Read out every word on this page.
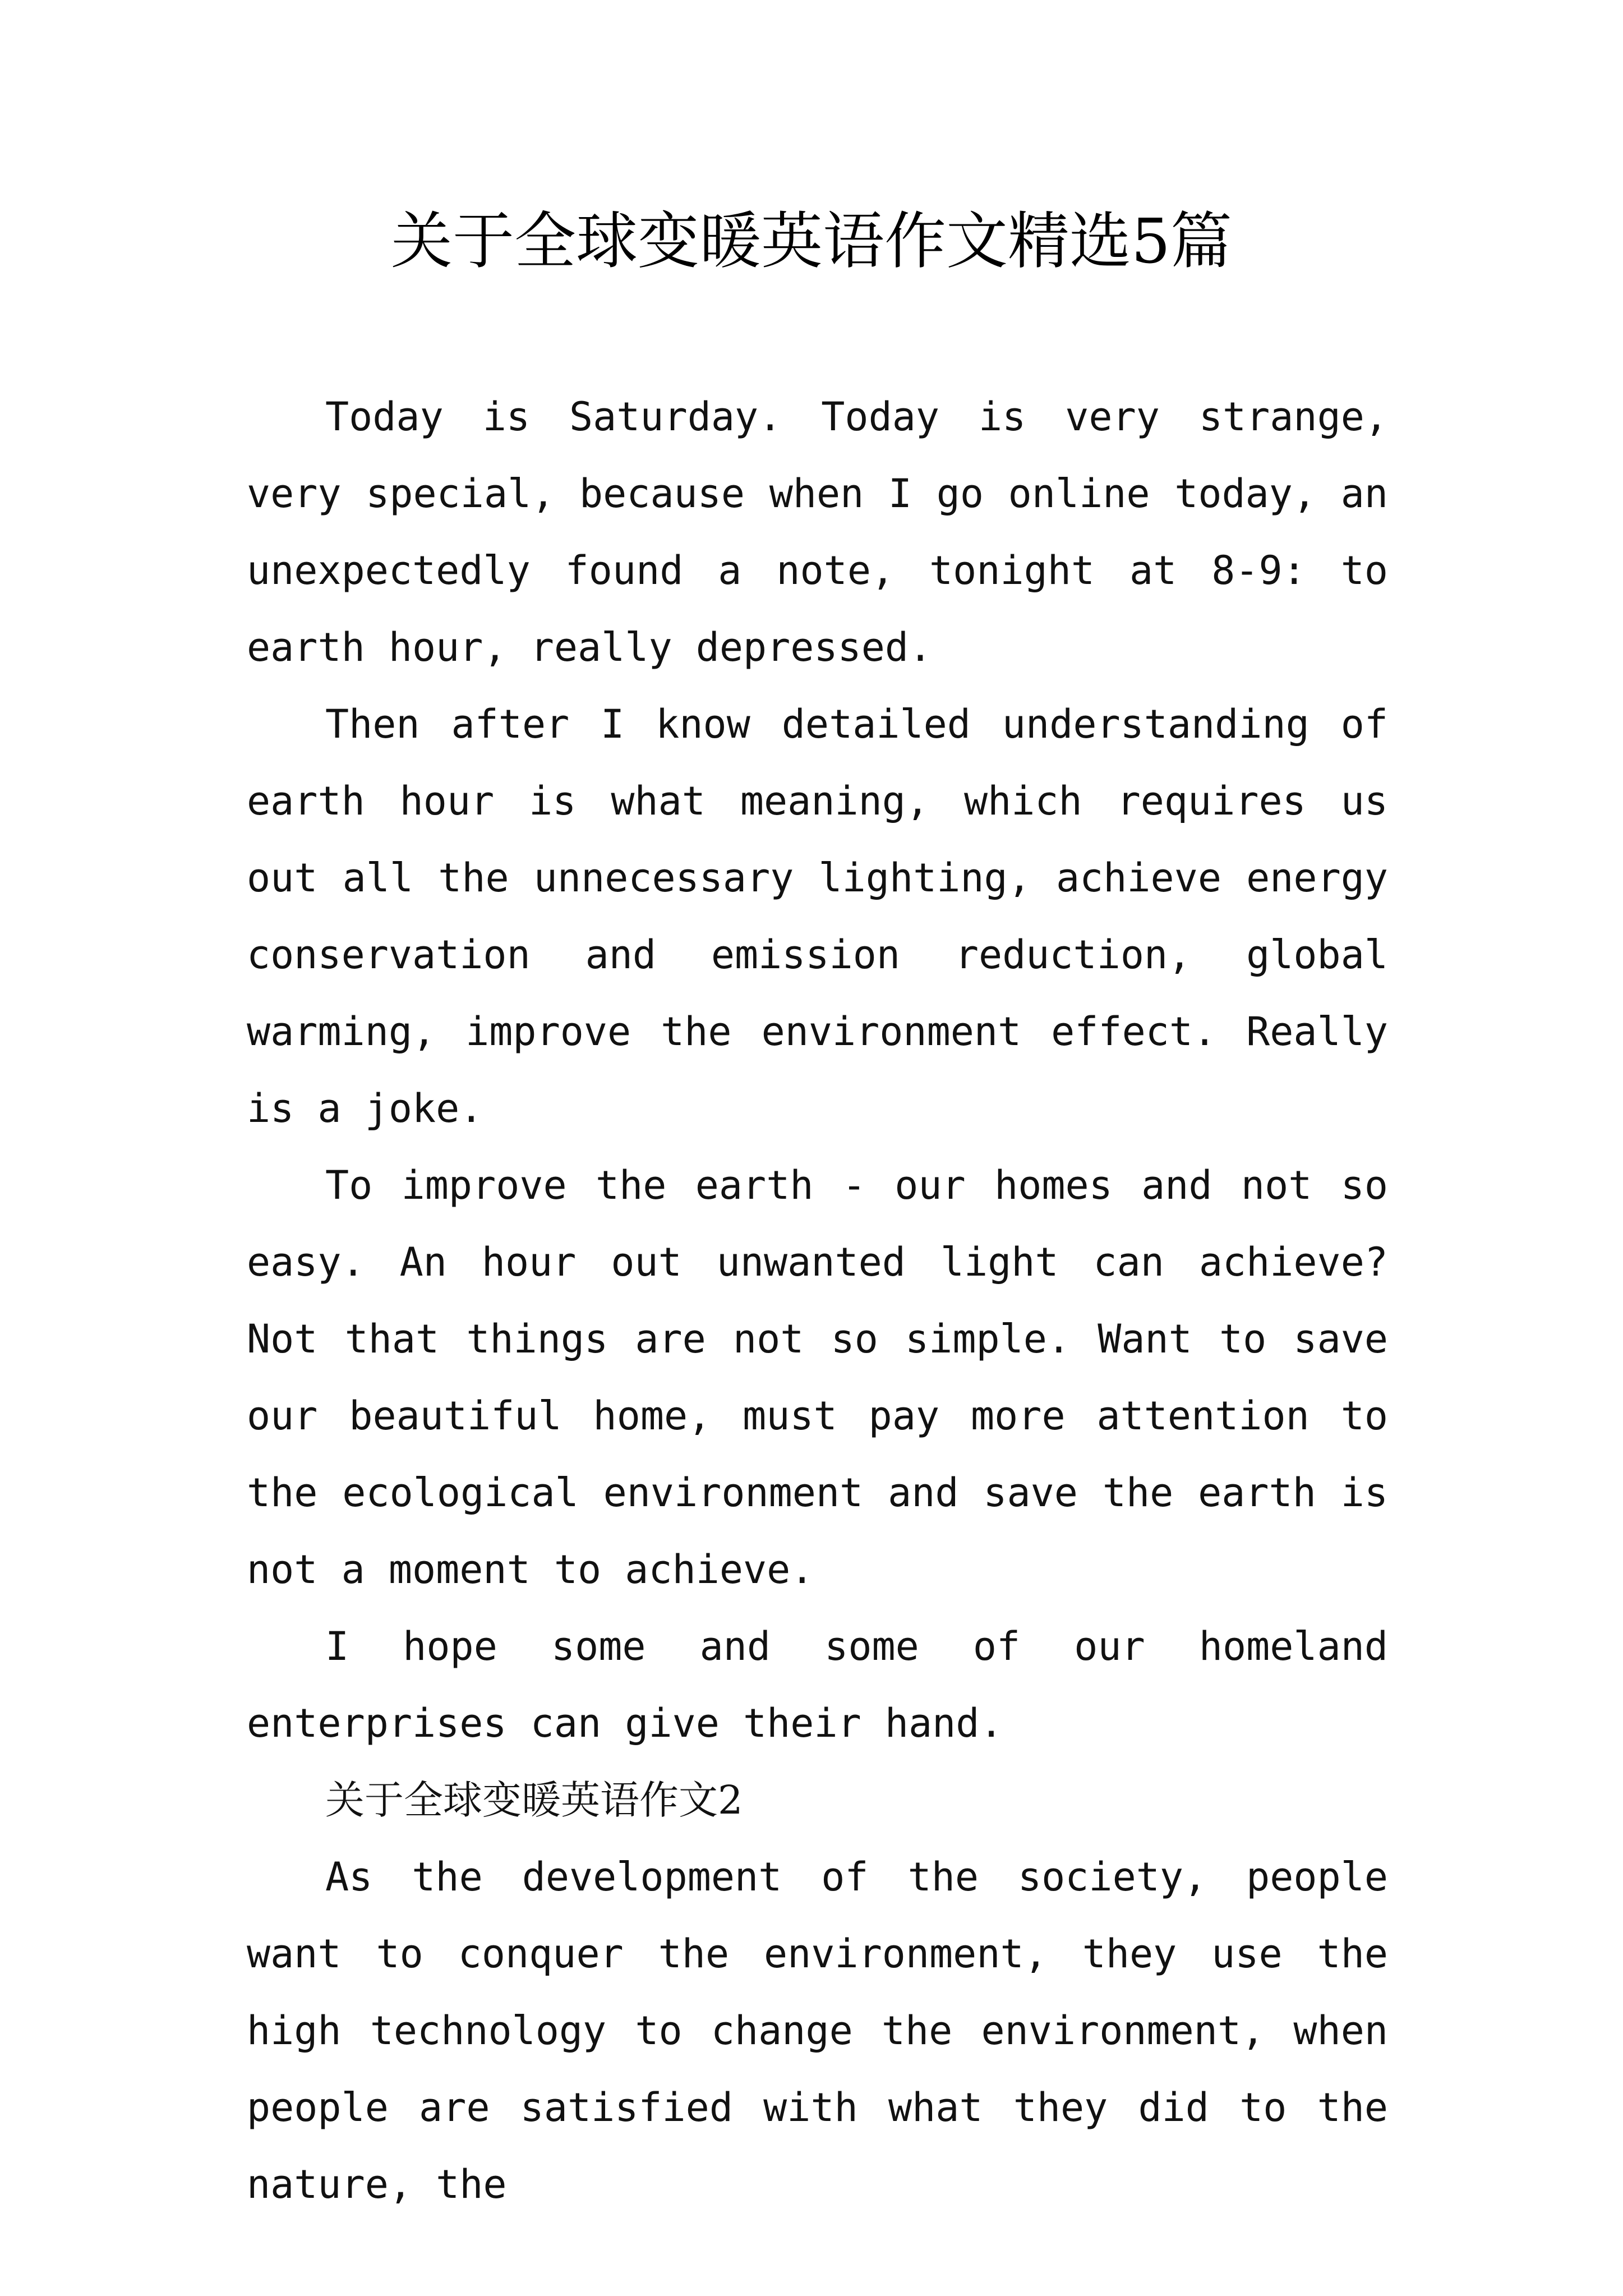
关于全球变暖英语作文精选5篇

Today is Saturday. Today is very strange, very special, because when I go online today, an unexpectedly found a note, tonight at 8-9: to earth hour, really depressed.

Then after I know detailed understanding of earth hour is what meaning, which requires us out all the unnecessary lighting, achieve energy conservation and emission reduction, global warming, improve the environment effect. Really is a joke.

To improve the earth - our homes and not so easy. An hour out unwanted light can achieve? Not that things are not so simple. Want to save our beautiful home, must pay more attention to the ecological environment and save the earth is not a moment to achieve.

I hope some and some of our homeland enterprises can give their hand.

关于全球变暖英语作文2

As the development of the society, people want to conquer the environment, they use the high technology to change the environment, when people are satisfied with what they did to the nature, the
